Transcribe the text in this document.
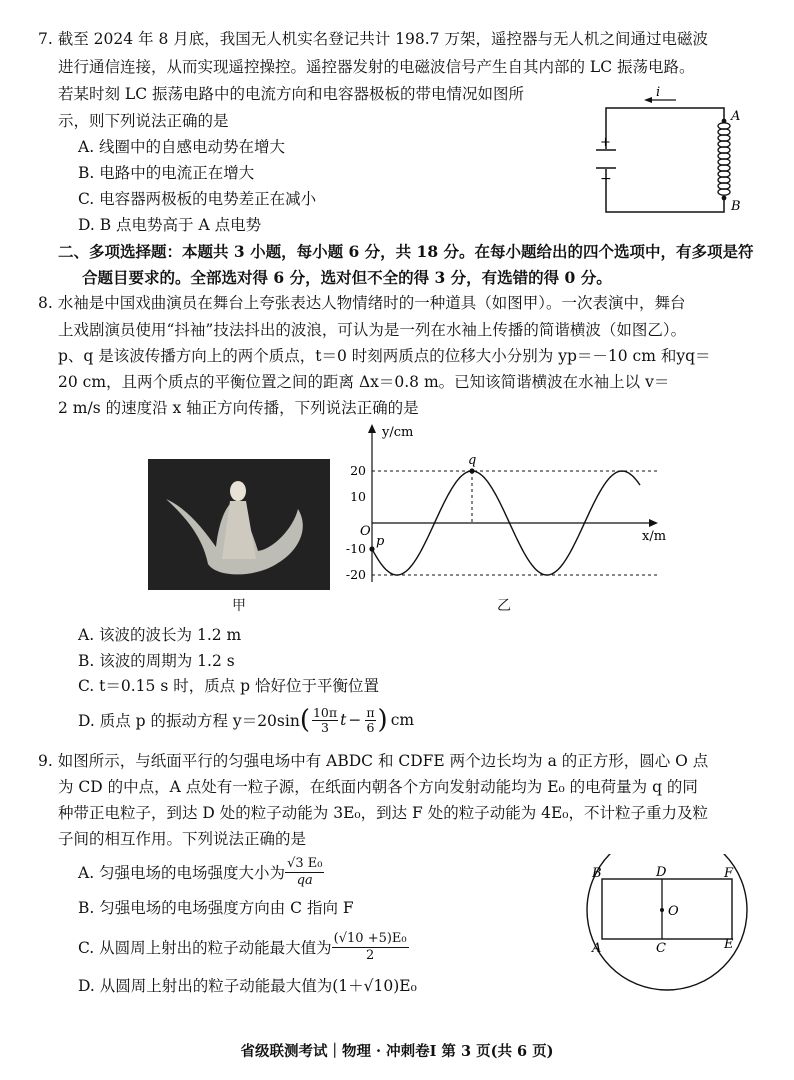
7. 截至 2024 年 8 月底，我国无人机实名登记共计 198.7 万架，遥控器与无人机之间通过电磁波
进行通信连接，从而实现遥控操控。遥控器发射的电磁波信号产生自其内部的 LC 振荡电路。
若某时刻 LC 振荡电路中的电流方向和电容器极板的带电情况如图所
示，则下列说法正确的是
A. 线圈中的自感电动势在增大
B. 电路中的电流正在增大
C. 电容器两极板的电势差正在减小
D. B 点电势高于 A 点电势
+
−
A
B
i
二、多项选择题：本题共 3 小题，每小题 6 分，共 18 分。在每小题给出的四个选项中，有多项是符
合题目要求的。全部选对得 6 分，选对但不全的得 3 分，有选错的得 0 分。
8. 水袖是中国戏曲演员在舞台上夸张表达人物情绪时的一种道具（如图甲）。一次表演中，舞台
上戏剧演员使用“抖袖”技法抖出的波浪，可认为是一列在水袖上传播的简谐横波（如图乙）。
p、q 是该波传播方向上的两个质点，t＝0 时刻两质点的位移大小分别为 yp＝－10 cm 和yq＝
20 cm，且两个质点的平衡位置之间的距离 Δx＝0.8 m。已知该简谐横波在水袖上以 v＝
2 m/s 的速度沿 x 轴正方向传播，下列说法正确的是
甲
y/cm
x/m
O
20
10
-10
-20
p
q
乙
A. 该波的波长为 1.2 m
B. 该波的周期为 1.2 s
C. t＝0.15 s 时，质点 p 恰好位于平衡位置
D. 质点 p 的振动方程 y＝20sin ( $\frac{10\pi}{3}$ $t - \frac{\pi}{6}$ ) cm
9. 如图所示，与纸面平行的匀强电场中有 ABDC 和 CDFE 两个边长均为 a 的正方形，圆心 O 点
为 CD 的中点，A 点处有一粒子源，在纸面内朝各个方向发射动能均为 E₀ 的电荷量为 q 的同
种带正电粒子，到达 D 处的粒子动能为 3E₀，到达 F 处的粒子动能为 4E₀，不计粒子重力及粒
子间的相互作用。下列说法正确的是
A. 匀强电场的电场强度大小为 $\frac{\text{√3 E₀}}{qa}$
B. 匀强电场的电场强度方向由 C 指向 F
C. 从圆周上射出的粒子动能最大值为 $\frac{\text{(√10 +5)E₀}}{2}$
D. 从圆周上射出的粒子动能最大值为(1＋√10)E₀
B	D	F
O
A	C	E
省级联测考试｜物理 · 冲刺卷Ⅰ 第 3 页(共 6 页)
